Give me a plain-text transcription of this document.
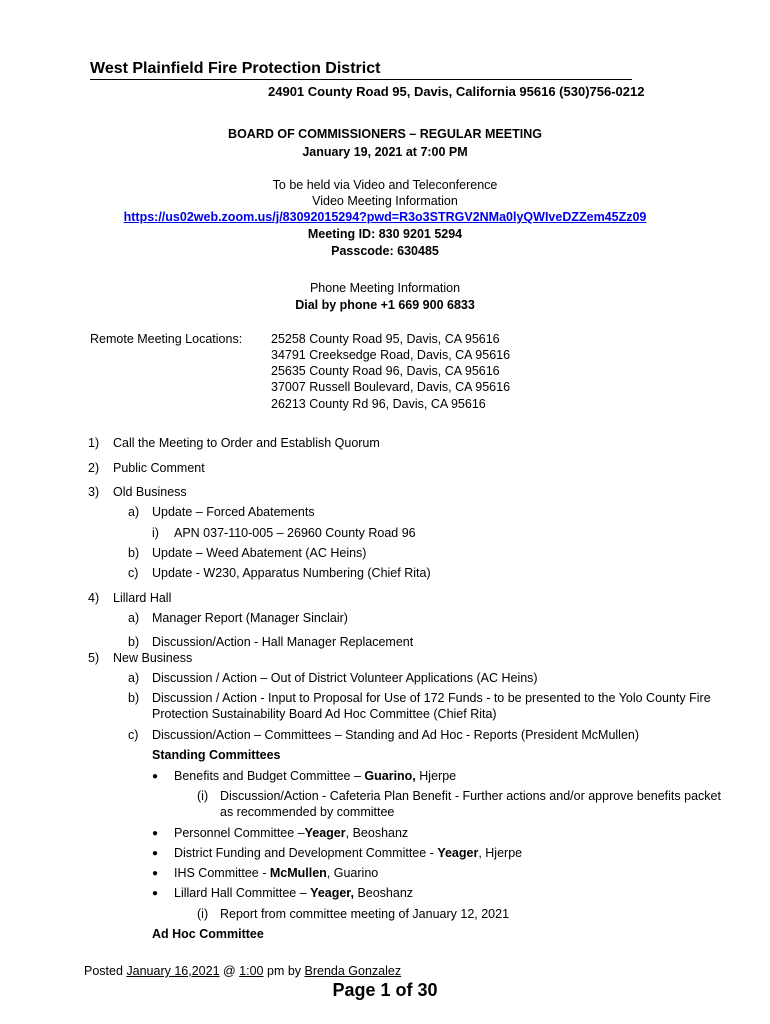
West Plainfield Fire Protection District
24901 County Road 95, Davis, California 95616 (530)756-0212
BOARD OF COMMISSIONERS – REGULAR MEETING
January 19, 2021 at 7:00 PM
To be held via Video and Teleconference
Video Meeting Information
https://us02web.zoom.us/j/83092015294?pwd=R3o3STRGV2NMa0lyQWIveDZZem45Zz09
Meeting ID: 830 9201 5294
Passcode: 630485
Phone Meeting Information
Dial by phone +1 669 900 6833
Remote Meeting Locations: 25258 County Road 95, Davis, CA 95616
34791 Creeksedge Road, Davis, CA 95616
25635 County Road 96, Davis, CA 95616
37007 Russell Boulevard, Davis, CA 95616
26213 County Rd 96, Davis, CA 95616
1) Call the Meeting to Order and Establish Quorum
2) Public Comment
3) Old Business
a) Update – Forced Abatements
i) APN 037-110-005 – 26960 County Road 96
b) Update – Weed Abatement (AC Heins)
c) Update - W230, Apparatus Numbering (Chief Rita)
4) Lillard Hall
a) Manager Report (Manager Sinclair)
b) Discussion/Action - Hall Manager Replacement
5) New Business
a) Discussion / Action – Out of District Volunteer Applications (AC Heins)
b) Discussion / Action - Input to Proposal for Use of 172 Funds - to be presented to the Yolo County Fire
Protection Sustainability Board Ad Hoc Committee (Chief Rita)
c) Discussion/Action – Committees – Standing and Ad Hoc - Reports (President McMullen)
Standing Committees
● Benefits and Budget Committee – Guarino, Hjerpe
(i) Discussion/Action - Cafeteria Plan Benefit - Further actions and/or approve benefits packet
as recommended by committee
● Personnel Committee –Yeager, Beoshanz
● District Funding and Development Committee - Yeager, Hjerpe
● IHS Committee - McMullen, Guarino
● Lillard Hall Committee – Yeager, Beoshanz
(i) Report from committee meeting of January 12, 2021
Ad Hoc Committee
Posted January 16,2021 @ 1:00 pm by Brenda Gonzalez
Page 1 of 30
